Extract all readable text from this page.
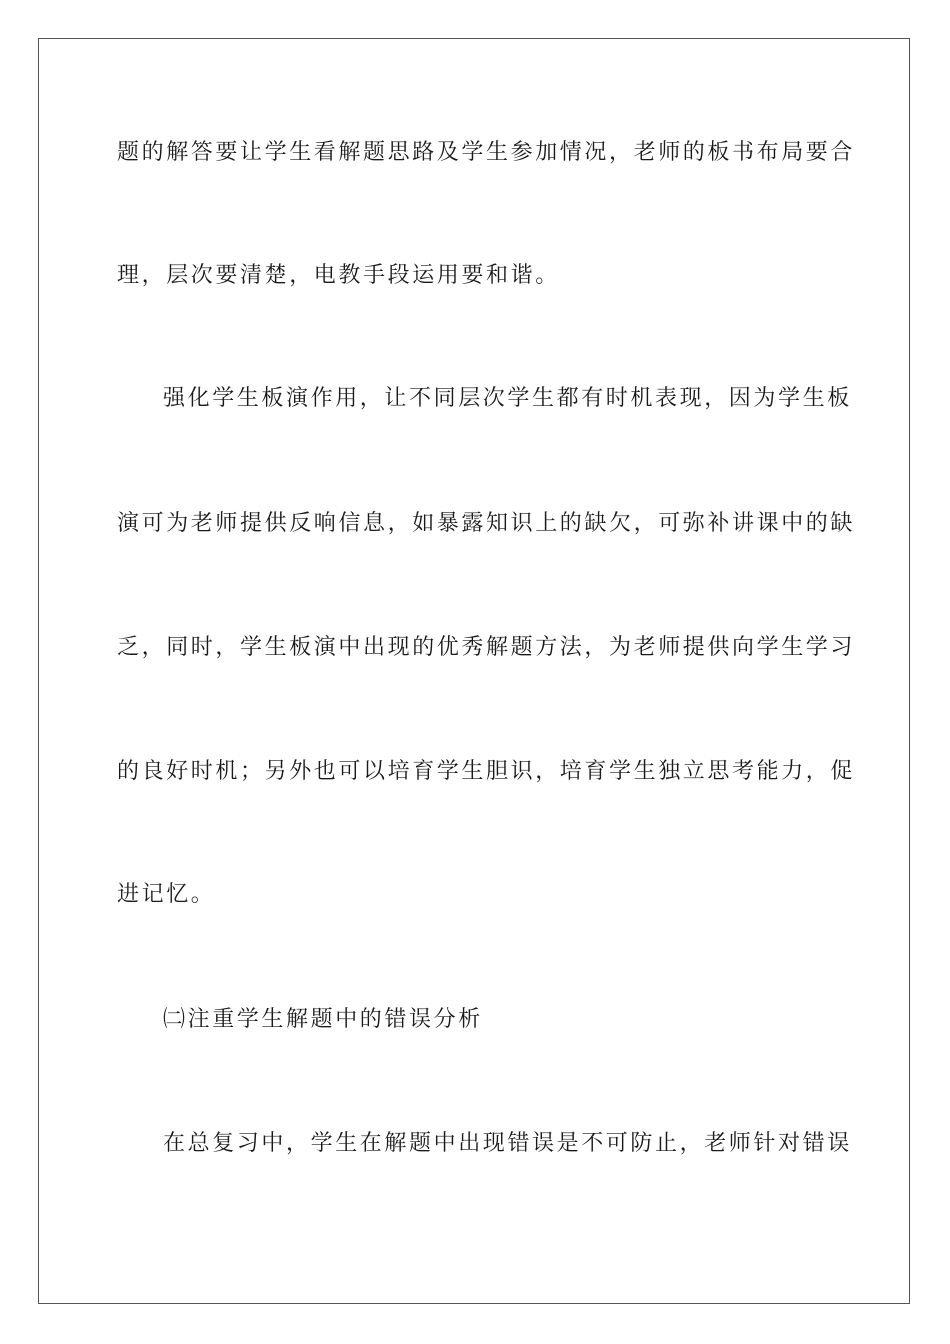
题的解答要让学生看解题思路及学生参加情况，老师的板书布局要合

理，层次要清楚，电教手段运用要和谐。

强化学生板演作用，让不同层次学生都有时机表现，因为学生板

演可为老师提供反响信息，如暴露知识上的缺欠，可弥补讲课中的缺

乏，同时，学生板演中出现的优秀解题方法，为老师提供向学生学习

的良好时机；另外也可以培育学生胆识，培育学生独立思考能力，促

进记忆。

㈡注重学生解题中的错误分析

在总复习中，学生在解题中出现错误是不可防止，老师针对错误
